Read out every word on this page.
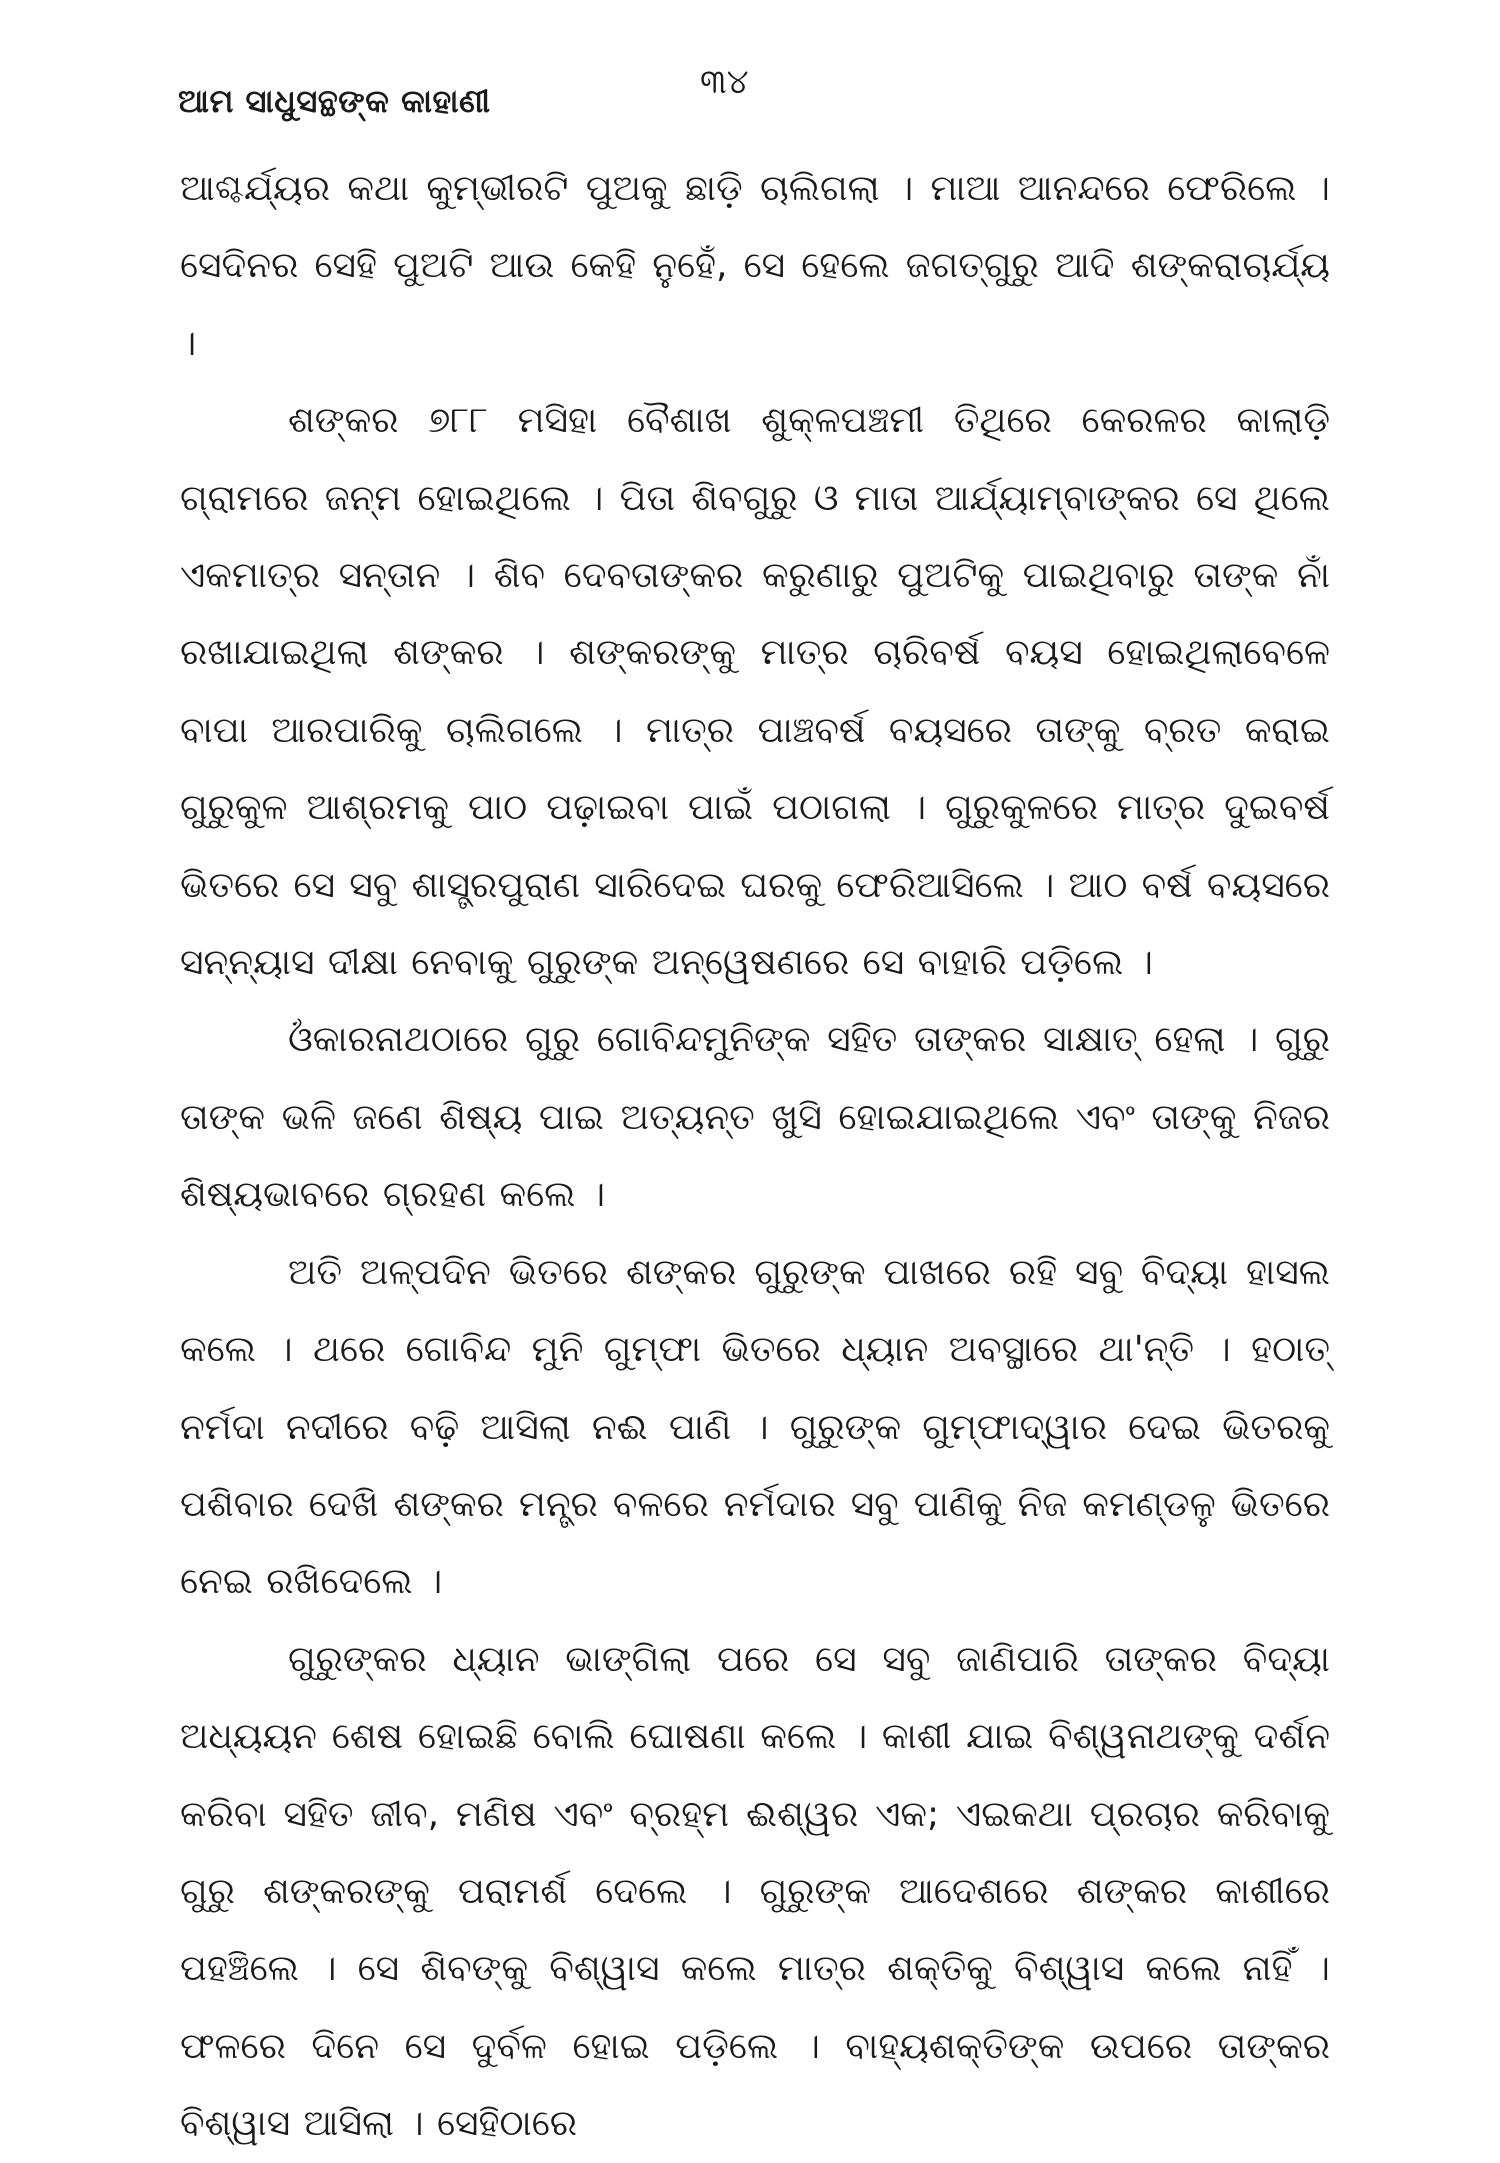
ଆମ ସାଧୁସନ୍ଥଙ୍କ କାହାଣୀ	୩୪

ଆଶ୍ଚର୍ଯ୍ୟର କଥା କୁମ୍ଭୀରଟି ପୁଅକୁ ଛାଡ଼ି ଚାଲିଗଲା । ମାଆ ଆନନ୍ଦରେ ଫେରିଲେ । ସେଦିନର ସେହି ପୁଅଟି ଆଉ କେହି ନୁହେଁ, ସେ ହେଲେ ଜଗତ୍‌ଗୁରୁ ଆଦି ଶଙ୍କରାଚାର୍ଯ୍ୟ ।

ଶଙ୍କର ୭୮୮ ମସିହା ବୈଶାଖ ଶୁକ୍ଳପଞ୍ଚମୀ ତିଥିରେ କେରଳର କାଲାଡ଼ି ଗ୍ରାମରେ ଜନ୍ମ ହୋଇଥିଲେ । ପିତା ଶିବଗୁରୁ ଓ ମାତା ଆର୍ଯ୍ୟାମ୍ବାଙ୍କର ସେ ଥିଲେ ଏକମାତ୍ର ସନ୍ତାନ । ଶିବ ଦେବତାଙ୍କର କରୁଣାରୁ ପୁଅଟିକୁ ପାଇଥିବାରୁ ତାଙ୍କ ନାଁ ରଖାଯାଇଥିଲା ଶଙ୍କର । ଶଙ୍କରଙ୍କୁ ମାତ୍ର ଚାରିବର୍ଷ ବୟସ ହୋଇଥିଲାବେଳେ ବାପା ଆରପାରିକୁ ଚାଲିଗଲେ । ମାତ୍ର ପାଞ୍ଚବର୍ଷ ବୟସରେ ତାଙ୍କୁ ବ୍ରତ କରାଇ ଗୁରୁକୁଳ ଆଶ୍ରମକୁ ପାଠ ପଢ଼ାଇବା ପାଇଁ ପଠାଗଲା । ଗୁରୁକୁଳରେ ମାତ୍ର ଦୁଇବର୍ଷ ଭିତରେ ସେ ସବୁ ଶାସ୍ତ୍ରପୁରାଣ ସାରିଦେଇ ଘରକୁ ଫେରିଆସିଲେ । ଆଠ ବର୍ଷ ବୟସରେ ସନ୍ନ୍ୟାସ ଦୀକ୍ଷା ନେବାକୁ ଗୁରୁଙ୍କ ଅନ୍ୱେଷଣରେ ସେ ବାହାରି ପଡ଼ିଲେ ।

ଓଁକାରନାଥଠାରେ ଗୁରୁ ଗୋବିନ୍ଦମୁନିଙ୍କ ସହିତ ତାଙ୍କର ସାକ୍ଷାତ୍ ହେଲା । ଗୁରୁ ତାଙ୍କ ଭଳି ଜଣେ ଶିଷ୍ୟ ପାଇ ଅତ୍ୟନ୍ତ ଖୁସି ହୋଇଯାଇଥିଲେ ଏବଂ ତାଙ୍କୁ ନିଜର ଶିଷ୍ୟଭାବରେ ଗ୍ରହଣ କଲେ ।

ଅତି ଅଳ୍ପଦିନ ଭିତରେ ଶଙ୍କର ଗୁରୁଙ୍କ ପାଖରେ ରହି ସବୁ ବିଦ୍ୟା ହାସଲ କଲେ । ଥରେ ଗୋବିନ୍ଦ ମୁନି ଗୁମ୍ଫା ଭିତରେ ଧ୍ୟାନ ଅବସ୍ଥାରେ ଥା'ନ୍ତି । ହଠାତ୍ ନର୍ମଦା ନଦୀରେ ବଢ଼ି ଆସିଲା ନଈ ପାଣି । ଗୁରୁଙ୍କ ଗୁମ୍ଫାଦ୍ୱାର ଦେଇ ଭିତରକୁ ପଶିବାର ଦେଖି ଶଙ୍କର ମନ୍ତ୍ର ବଳରେ ନର୍ମଦାର ସବୁ ପାଣିକୁ ନିଜ କମଣ୍ଡଳୁ ଭିତରେ ନେଇ ରଖିଦେଲେ ।

ଗୁରୁଙ୍କର ଧ୍ୟାନ ଭାଙ୍ଗିଲା ପରେ ସେ ସବୁ ଜାଣିପାରି ତାଙ୍କର ବିଦ୍ୟା ଅଧ୍ୟୟନ ଶେଷ ହୋଇଛି ବୋଲି ଘୋଷଣା କଲେ । କାଶୀ ଯାଇ ବିଶ୍ୱନାଥଙ୍କୁ ଦର୍ଶନ କରିବା ସହିତ ଜୀବ, ମଣିଷ ଏବଂ ବ୍ରହ୍ମ ଈଶ୍ୱର ଏକ; ଏଇକଥା ପ୍ରଚାର କରିବାକୁ ଗୁରୁ ଶଙ୍କରଙ୍କୁ ପରାମର୍ଶ ଦେଲେ । ଗୁରୁଙ୍କ ଆଦେଶରେ ଶଙ୍କର କାଶୀରେ ପହଞ୍ଚିଲେ । ସେ ଶିବଙ୍କୁ ବିଶ୍ୱାସ କଲେ ମାତ୍ର ଶକ୍ତିକୁ ବିଶ୍ୱାସ କଲେ ନାହିଁ । ଫଳରେ ଦିନେ ସେ ଦୁର୍ବଳ ହୋଇ ପଡ଼ିଲେ । ବାହ୍ୟଶକ୍ତିଙ୍କ ଉପରେ ତାଙ୍କର ବିଶ୍ୱାସ ଆସିଲା । ସେହିଠାରେ
